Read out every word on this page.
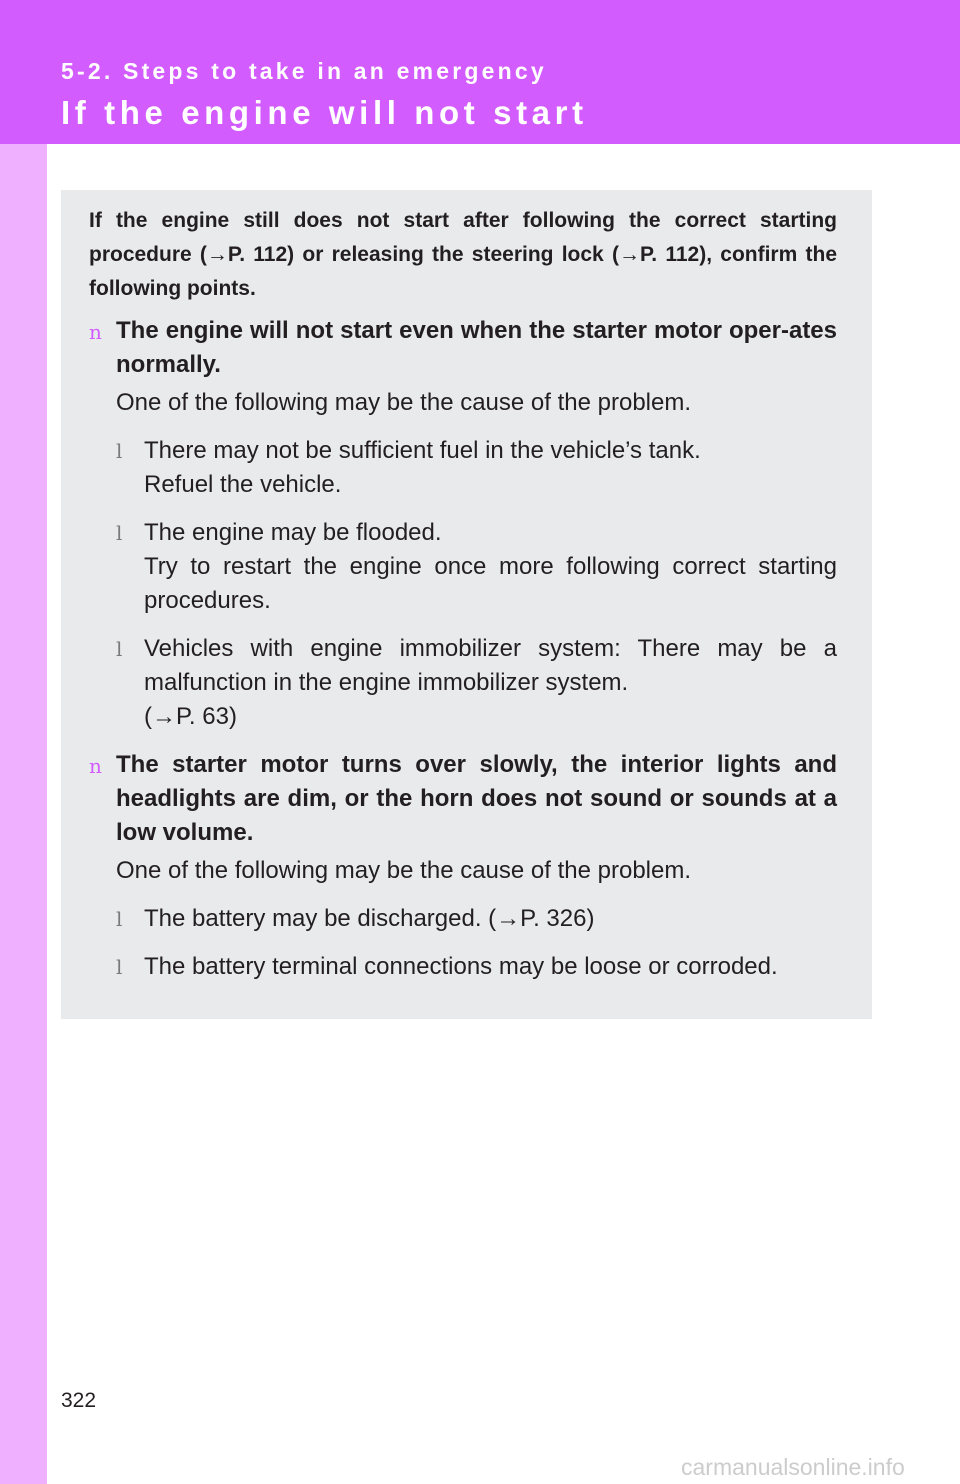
5-2. Steps to take in an emergency
If the engine will not start

If the engine still does not start after following the correct starting procedure (→P. 112) or releasing the steering lock (→P. 112), confirm the following points.

n The engine will not start even when the starter motor oper-ates normally.

One of the following may be the cause of the problem.

l There may not be sufficient fuel in the vehicle’s tank.
Refuel the vehicle.
l The engine may be flooded.
Try to restart the engine once more following correct starting procedures.
l Vehicles with engine immobilizer system: There may be a malfunction in the engine immobilizer system.
(→P. 63)

n The starter motor turns over slowly, the interior lights and headlights are dim, or the horn does not sound or sounds at a low volume.

One of the following may be the cause of the problem.

l The battery may be discharged. (→P. 326)
l The battery terminal connections may be loose or corroded.
322
carmanualsonline.info
